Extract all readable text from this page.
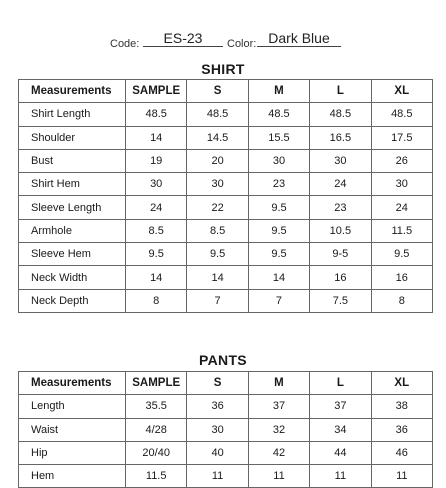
Code:	ES-23	Color: Dark Blue
SHIRT
Measurements	SAMPLE	S	M	L	XL
Shirt Length	48.5	48.5	48.5	48.5	48.5
Shoulder	14	14.5	15.5	16.5	17.5
Bust	19	20	30	30	26
Shirt Hem	30	30	23	24	30
Sleeve Length	24	22	9.5	23	24
Armhole	8.5	8.5	9.5	10.5	11.5
Sleeve Hem	9.5	9.5	9.5	9-5	9.5
Neck Width	14	14	14	16	16
Neck Depth	8	7	7	7.5	8
PANTS
Measurements	SAMPLE	S	M	L	XL
Length	35.5	36	37	37	38
Waist	4/28	30	32	34	36
Hip	20/40	40	42	44	46
Hem	11.5	11	11	11	11
